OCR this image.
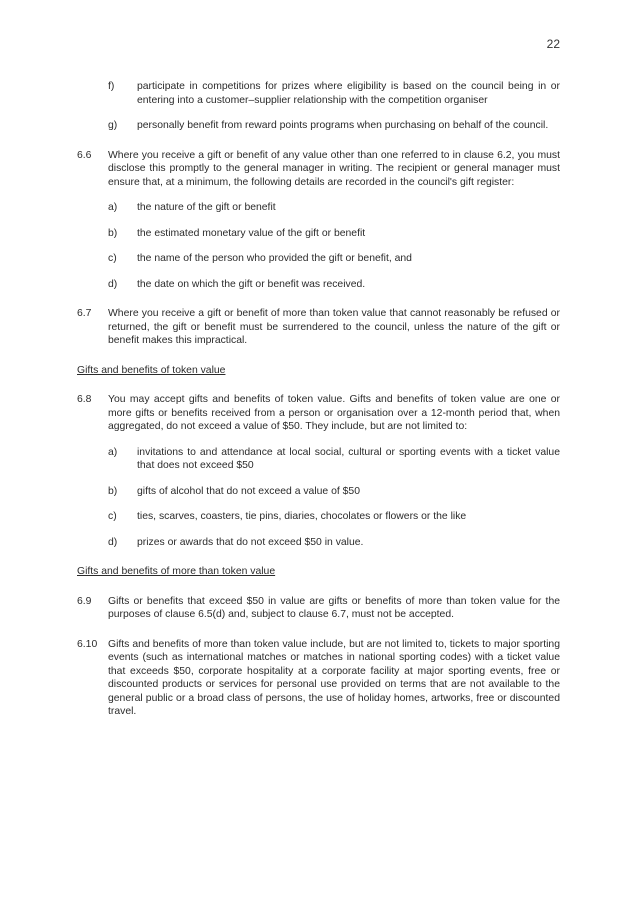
22
f) participate in competitions for prizes where eligibility is based on the council being in or entering into a customer–supplier relationship with the competition organiser
g) personally benefit from reward points programs when purchasing on behalf of the council.
6.6 Where you receive a gift or benefit of any value other than one referred to in clause 6.2, you must disclose this promptly to the general manager in writing. The recipient or general manager must ensure that, at a minimum, the following details are recorded in the council's gift register:
a) the nature of the gift or benefit
b) the estimated monetary value of the gift or benefit
c) the name of the person who provided the gift or benefit, and
d) the date on which the gift or benefit was received.
6.7 Where you receive a gift or benefit of more than token value that cannot reasonably be refused or returned, the gift or benefit must be surrendered to the council, unless the nature of the gift or benefit makes this impractical.
Gifts and benefits of token value
6.8 You may accept gifts and benefits of token value. Gifts and benefits of token value are one or more gifts or benefits received from a person or organisation over a 12-month period that, when aggregated, do not exceed a value of $50. They include, but are not limited to:
a) invitations to and attendance at local social, cultural or sporting events with a ticket value that does not exceed $50
b) gifts of alcohol that do not exceed a value of $50
c) ties, scarves, coasters, tie pins, diaries, chocolates or flowers or the like
d) prizes or awards that do not exceed $50 in value.
Gifts and benefits of more than token value
6.9 Gifts or benefits that exceed $50 in value are gifts or benefits of more than token value for the purposes of clause 6.5(d) and, subject to clause 6.7, must not be accepted.
6.10 Gifts and benefits of more than token value include, but are not limited to, tickets to major sporting events (such as international matches or matches in national sporting codes) with a ticket value that exceeds $50, corporate hospitality at a corporate facility at major sporting events, free or discounted products or services for personal use provided on terms that are not available to the general public or a broad class of persons, the use of holiday homes, artworks, free or discounted travel.
